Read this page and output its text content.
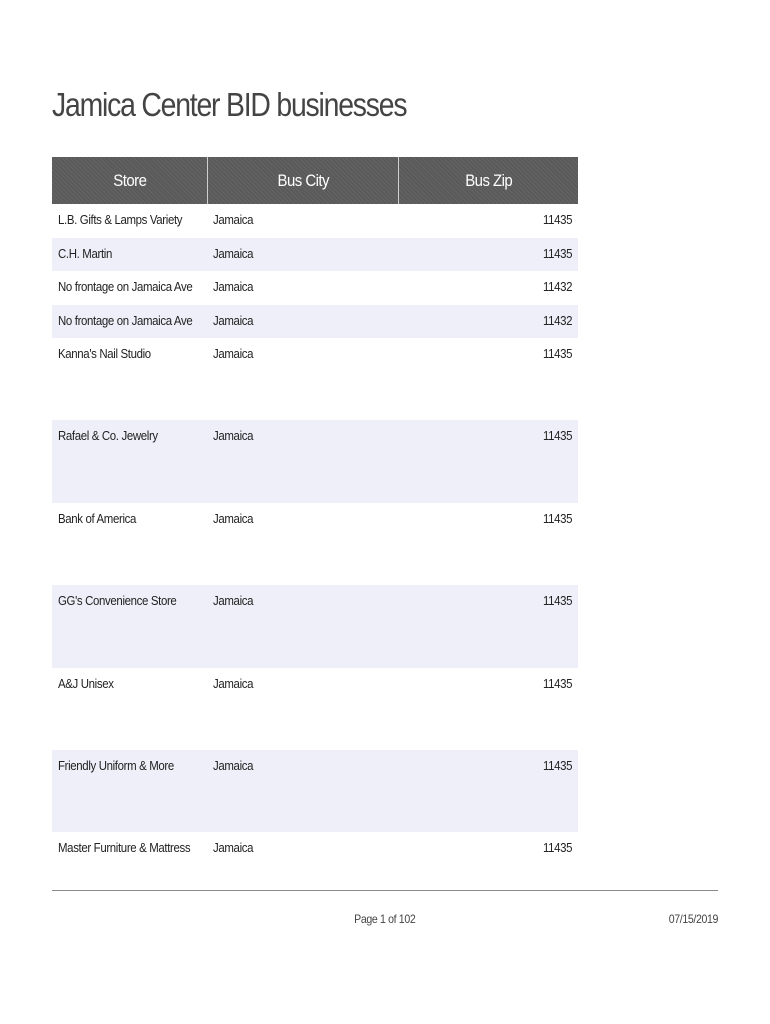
Jamica Center BID businesses
Store	Bus City	Bus Zip
L.B. Gifts & Lamps Variety	Jamaica	11435
C.H. Martin	Jamaica	11435
No frontage on Jamaica Ave	Jamaica	11432
No frontage on Jamaica Ave	Jamaica	11432
Kanna's Nail Studio	Jamaica	11435
Rafael & Co. Jewelry	Jamaica	11435
Bank of America	Jamaica	11435
GG's Convenience Store	Jamaica	11435
A&J Unisex	Jamaica	11435
Friendly Uniform & More	Jamaica	11435
Master Furniture & Mattress	Jamaica	11435
Page 1 of 102	07/15/2019
